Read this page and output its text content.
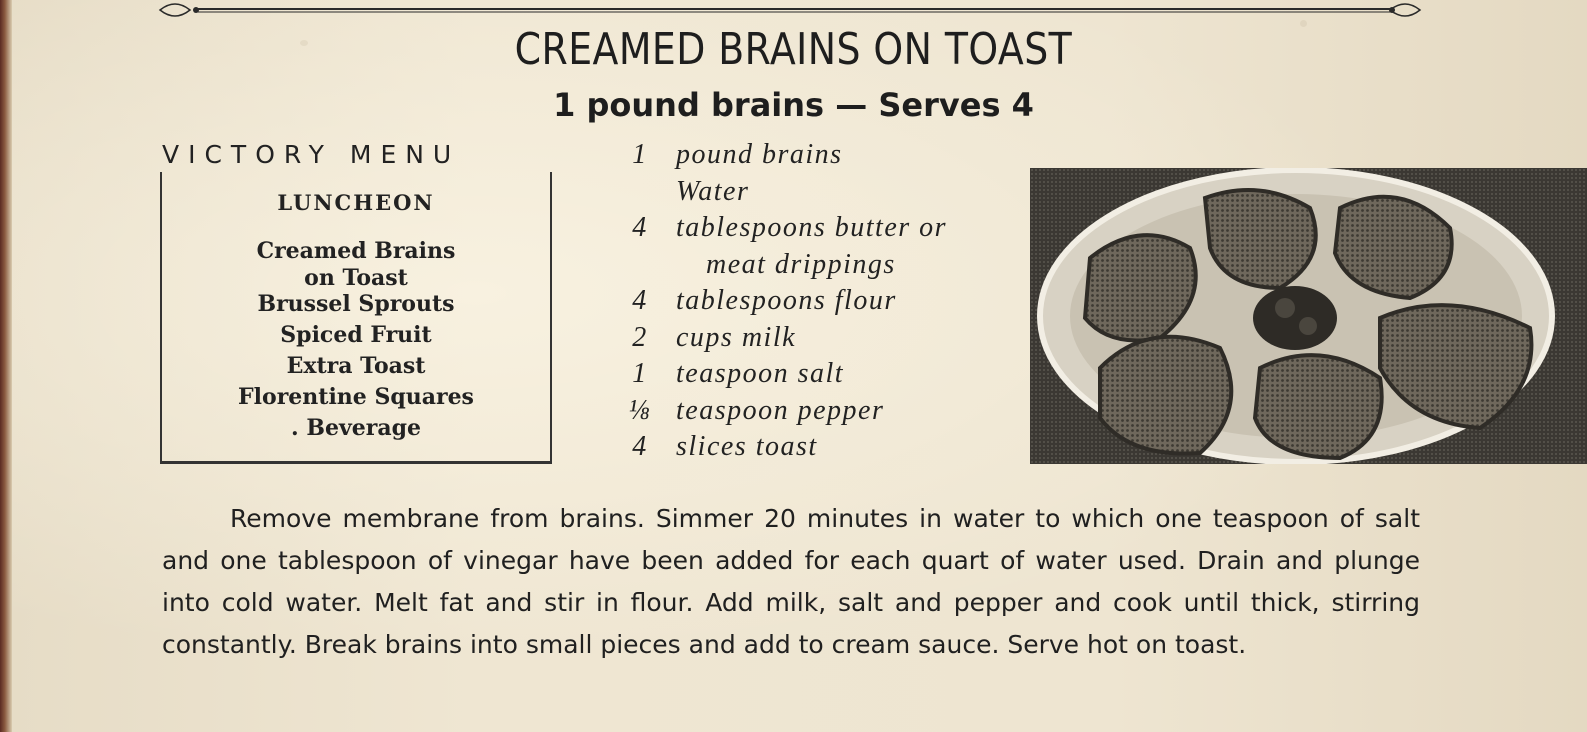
CREAMED BRAINS ON TOAST
1 pound brains — Serves 4
VICTORY MENU
LUNCHEON
Creamed Brains
on Toast
Brussel Sprouts
Spiced Fruit
Extra Toast
Florentine Squares
. Beverage
1	pound brains
Water
4	tablespoons butter or
meat drippings
4	tablespoons flour
2	cups milk
1	teaspoon salt
⅛ teaspoon pepper
4	slices toast
Remove membrane from brains. Simmer 20 minutes in water to which one teaspoon of salt and one tablespoon of vinegar have been added for each quart of water used. Drain and plunge into cold water. Melt fat and stir in flour. Add milk, salt and pepper and cook until thick, stirring constantly. Break brains into small pieces and add to cream sauce. Serve hot on toast.
